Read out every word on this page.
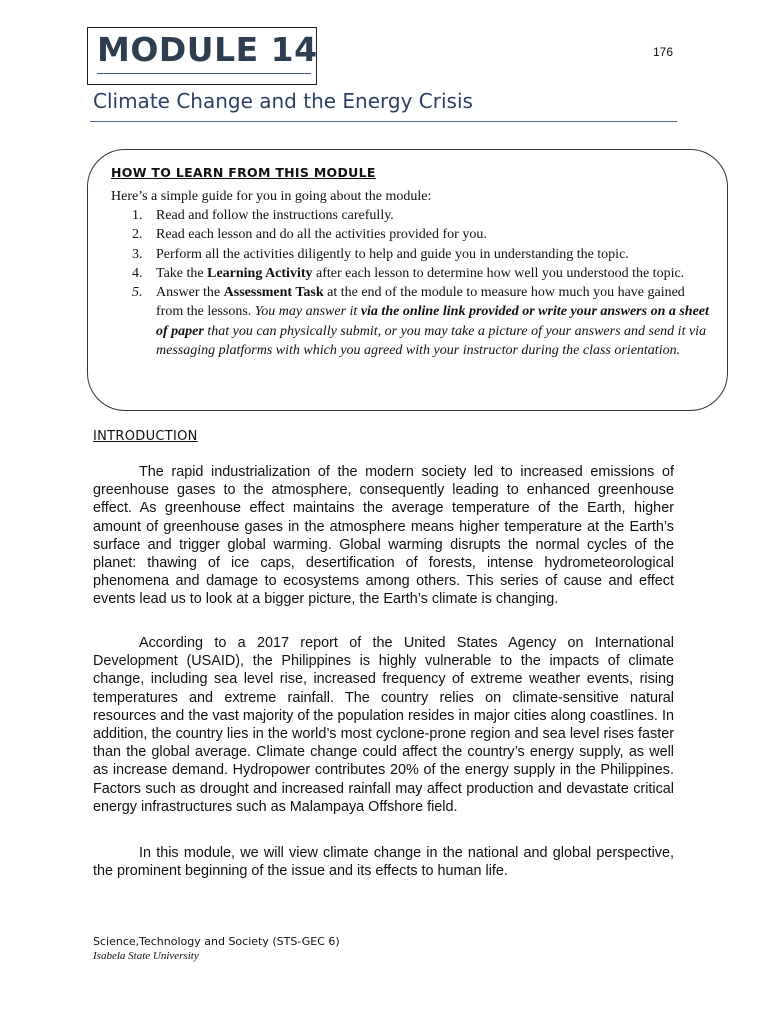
MODULE 14	176
Climate Change and the Energy Crisis
HOW TO LEARN FROM THIS MODULE
Here’s a simple guide for you in going about the module:
1. Read and follow the instructions carefully.
2. Read each lesson and do all the activities provided for you.
3. Perform all the activities diligently to help and guide you in understanding the topic.
4. Take the Learning Activity after each lesson to determine how well you understood the topic.
5. Answer the Assessment Task at the end of the module to measure how much you have gained from the lessons. You may answer it via the online link provided or write your answers on a sheet of paper that you can physically submit, or you may take a picture of your answers and send it via messaging platforms with which you agreed with your instructor during the class orientation.
INTRODUCTION

The rapid industrialization of the modern society led to increased emissions of greenhouse gases to the atmosphere, consequently leading to enhanced greenhouse effect. As greenhouse effect maintains the average temperature of the Earth, higher amount of greenhouse gases in the atmosphere means higher temperature at the Earth’s surface and trigger global warming. Global warming disrupts the normal cycles of the planet: thawing of ice caps, desertification of forests, intense hydrometeorological phenomena and damage to ecosystems among others. This series of cause and effect events lead us to look at a bigger picture, the Earth’s climate is changing.

According to a 2017 report of the United States Agency on International Development (USAID), the Philippines is highly vulnerable to the impacts of climate change, including sea level rise, increased frequency of extreme weather events, rising temperatures and extreme rainfall. The country relies on climate-sensitive natural resources and the vast majority of the population resides in major cities along coastlines. In addition, the country lies in the world’s most cyclone-prone region and sea level rises faster than the global average. Climate change could affect the country’s energy supply, as well as increase demand. Hydropower contributes 20% of the energy supply in the Philippines. Factors such as drought and increased rainfall may affect production and devastate critical energy infrastructures such as Malampaya Offshore field.

In this module, we will view climate change in the national and global perspective, the prominent beginning of the issue and its effects to human life.

Science,Technology and Society (STS-GEC 6)
Isabela State University
